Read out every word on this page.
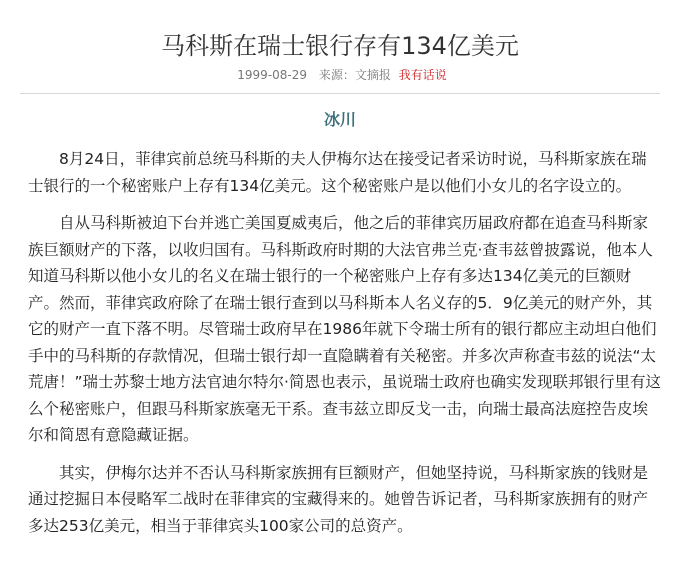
马科斯在瑞士银行存有134亿美元
1999-08-29 来源：文摘报 我有话说
冰川

8月24日，菲律宾前总统马科斯的夫人伊梅尔达在接受记者采访时说，马科斯家族在瑞士银行的一个秘密账户上存有134亿美元。这个秘密账户是以他们小女儿的名字设立的。

自从马科斯被迫下台并逃亡美国夏威夷后，他之后的菲律宾历届政府都在追查马科斯家族巨额财产的下落，以收归国有。马科斯政府时期的大法官弗兰克·查韦兹曾披露说，他本人知道马科斯以他小女儿的名义在瑞士银行的一个秘密账户上存有多达134亿美元的巨额财产。然而，菲律宾政府除了在瑞士银行查到以马科斯本人名义存的5．9亿美元的财产外，其它的财产一直下落不明。尽管瑞士政府早在1986年就下令瑞士所有的银行都应主动坦白他们手中的马科斯的存款情况，但瑞士银行却一直隐瞒着有关秘密。并多次声称查韦兹的说法“太荒唐！”瑞士苏黎士地方法官迪尔特尔·简恩也表示，虽说瑞士政府也确实发现联邦银行里有这么个秘密账户，但跟马科斯家族毫无干系。查韦兹立即反戈一击，向瑞士最高法庭控告皮埃尔和简恩有意隐藏证据。

其实，伊梅尔达并不否认马科斯家族拥有巨额财产，但她坚持说，马科斯家族的钱财是通过挖掘日本侵略军二战时在菲律宾的宝藏得来的。她曾告诉记者，马科斯家族拥有的财产多达253亿美元，相当于菲律宾头100家公司的总资产。
